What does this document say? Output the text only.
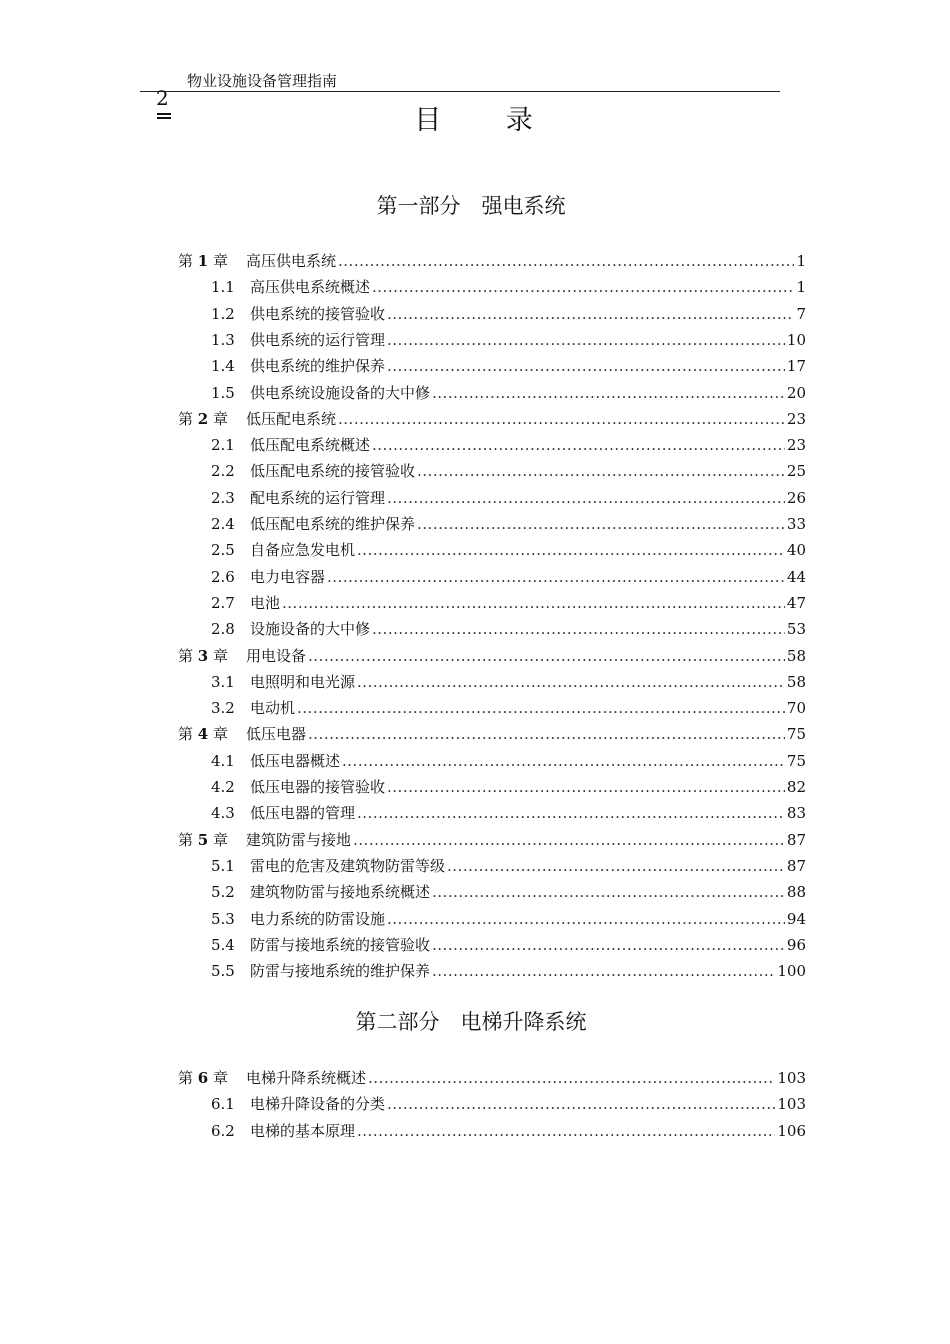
物业设施设备管理指南
2
目 录
第一部分　强电系统
第 1 章	高压供电系统 .....	1
1.1	高压供电系统概述 .....	1
1.2	供电系统的接管验收 .....	7
1.3	供电系统的运行管理 .....	10
1.4	供电系统的维护保养 .....	17
1.5	供电系统设施设备的大中修 .....	20
第 2 章	低压配电系统 .....	23
2.1	低压配电系统概述 .....	23
2.2	低压配电系统的接管验收 .....	25
2.3	配电系统的运行管理 .....	26
2.4	低压配电系统的维护保养 .....	33
2.5	自备应急发电机 .....	40
2.6	电力电容器 .....	44
2.7	电池 .....	47
2.8	设施设备的大中修 .....	53
第 3 章	用电设备 .....	58
3.1	电照明和电光源 .....	58
3.2	电动机 .....	70
第 4 章	低压电器 .....	75
4.1	低压电器概述 .....	75
4.2	低压电器的接管验收 .....	82
4.3	低压电器的管理 .....	83
第 5 章	建筑防雷与接地 .....	87
5.1	雷电的危害及建筑物防雷等级 .....	87
5.2	建筑物防雷与接地系统概述 .....	88
5.3	电力系统的防雷设施 .....	94
5.4	防雷与接地系统的接管验收 .....	96
5.5	防雷与接地系统的维护保养 .....	100
第二部分　电梯升降系统
第 6 章	电梯升降系统概述 .....	103
6.1	电梯升降设备的分类 .....	103
6.2	电梯的基本原理 .....	106
